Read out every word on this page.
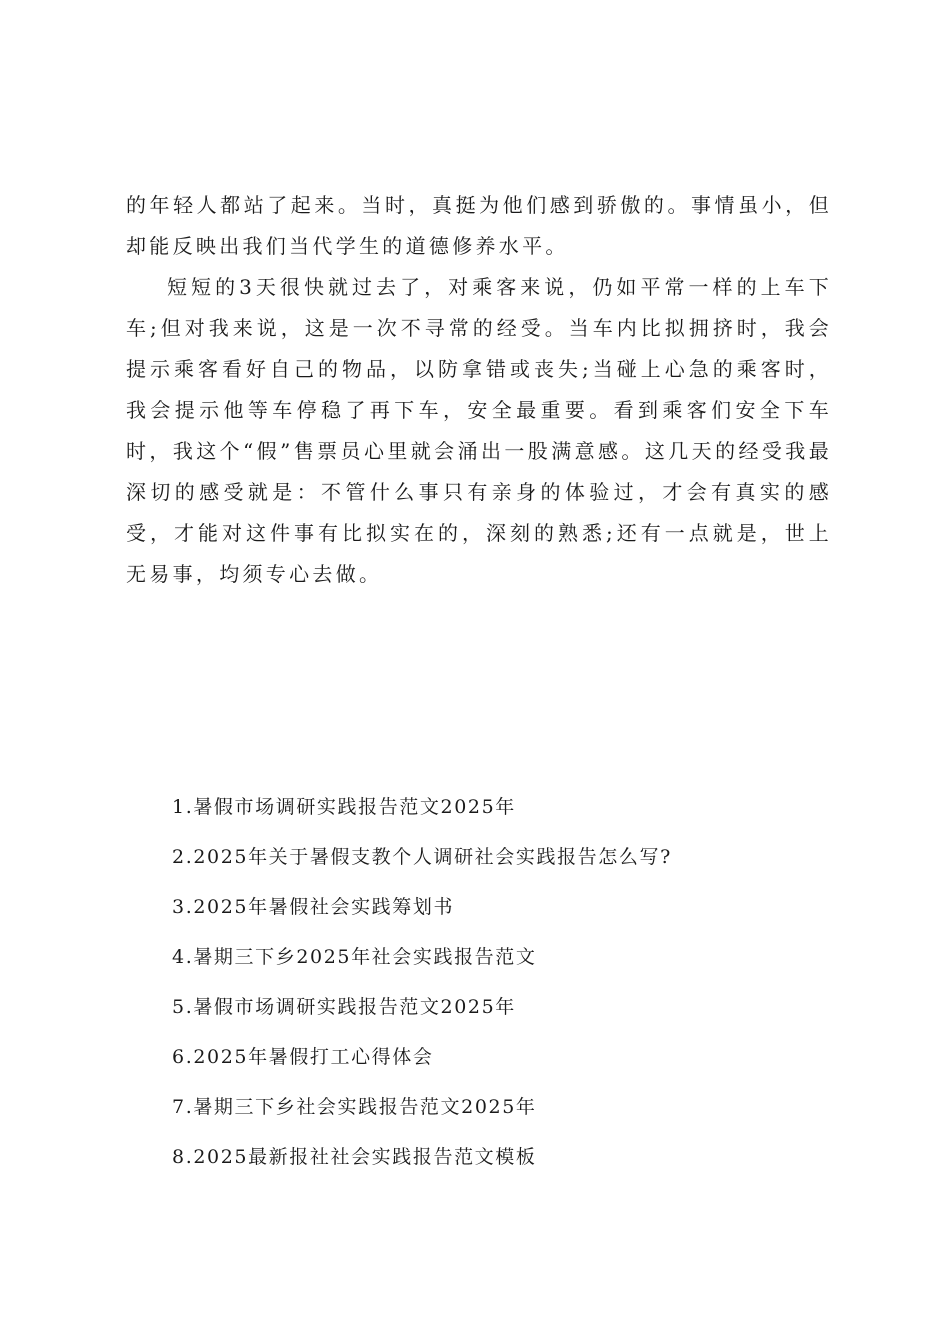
的年轻人都站了起来。当时，真挺为他们感到骄傲的。事情虽小，但却能反映出我们当代学生的道德修养水平。

短短的3天很快就过去了，对乘客来说，仍如平常一样的上车下车;但对我来说，这是一次不寻常的经受。当车内比拟拥挤时，我会提示乘客看好自己的物品，以防拿错或丧失;当碰上心急的乘客时，我会提示他等车停稳了再下车，安全最重要。看到乘客们安全下车时，我这个“假”售票员心里就会涌出一股满意感。这几天的经受我最深切的感受就是：不管什么事只有亲身的体验过，才会有真实的感受，才能对这件事有比拟实在的，深刻的熟悉;还有一点就是，世上无易事，均须专心去做。

1.暑假市场调研实践报告范文2025年
2.2025年关于暑假支教个人调研社会实践报告怎么写?
3.2025年暑假社会实践筹划书
4.暑期三下乡2025年社会实践报告范文
5.暑假市场调研实践报告范文2025年
6.2025年暑假打工心得体会
7.暑期三下乡社会实践报告范文2025年
8.2025最新报社社会实践报告范文模板
